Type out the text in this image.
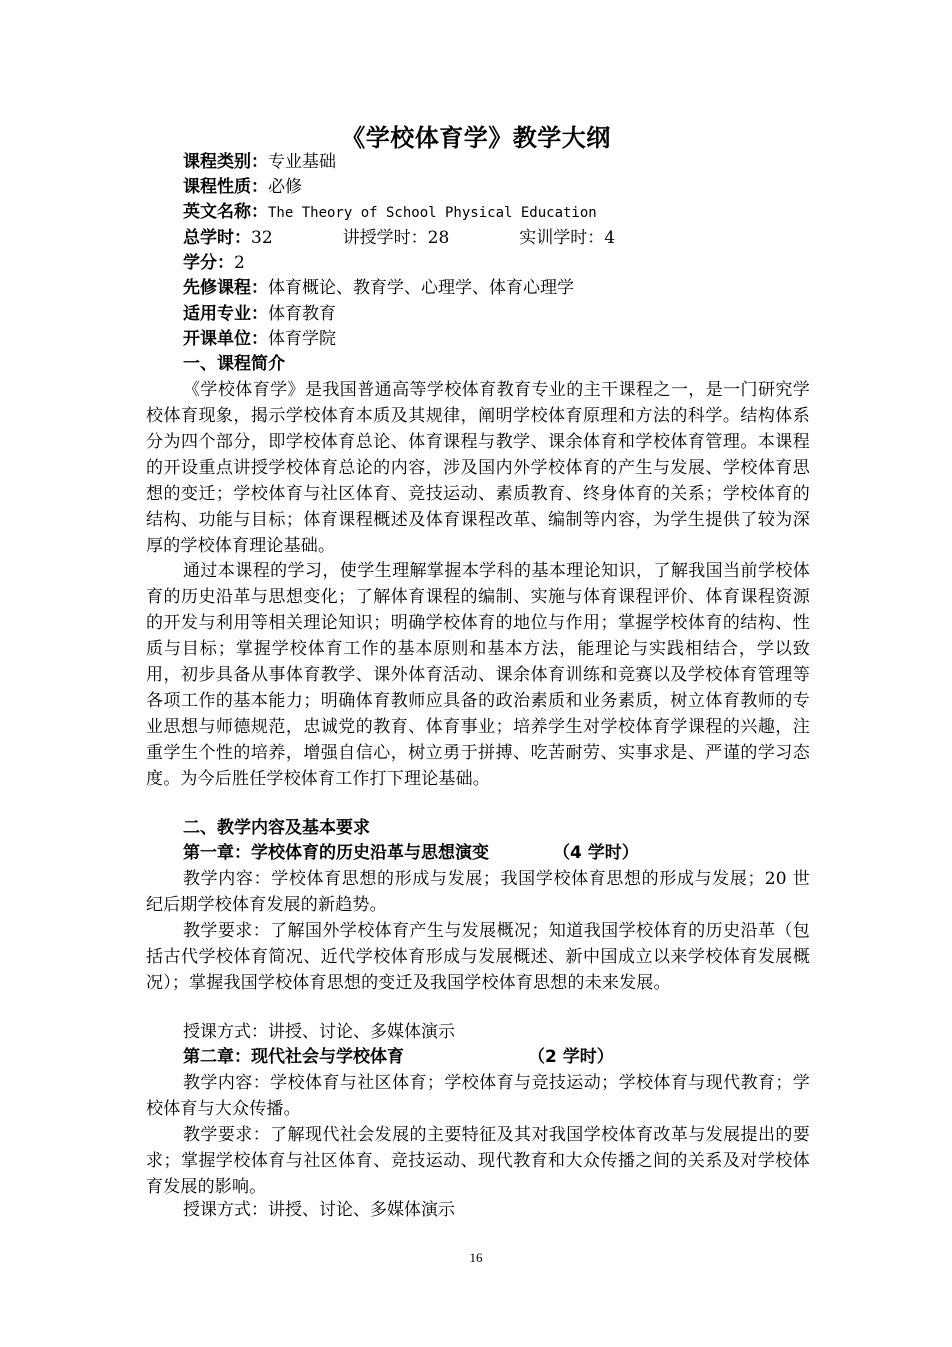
《学校体育学》教学大纲
课程类别：专业基础
课程性质：必修
英文名称：The Theory of School Physical Education
总学时：32	讲授学时：28	实训学时：4
学分：2
先修课程：体育概论、教育学、心理学、体育心理学
适用专业：体育教育
开课单位：体育学院
一、课程简介
《学校体育学》是我国普通高等学校体育教育专业的主干课程之一，是一门研究学校体育现象，揭示学校体育本质及其规律，阐明学校体育原理和方法的科学。结构体系分为四个部分，即学校体育总论、体育课程与教学、课余体育和学校体育管理。本课程的开设重点讲授学校体育总论的内容，涉及国内外学校体育的产生与发展、学校体育思想的变迁；学校体育与社区体育、竞技运动、素质教育、终身体育的关系；学校体育的结构、功能与目标；体育课程概述及体育课程改革、编制等内容，为学生提供了较为深厚的学校体育理论基础。
通过本课程的学习，使学生理解掌握本学科的基本理论知识，了解我国当前学校体育的历史沿革与思想变化；了解体育课程的编制、实施与体育课程评价、体育课程资源的开发与利用等相关理论知识；明确学校体育的地位与作用；掌握学校体育的结构、性质与目标；掌握学校体育工作的基本原则和基本方法，能理论与实践相结合，学以致用，初步具备从事体育教学、课外体育活动、课余体育训练和竞赛以及学校体育管理等各项工作的基本能力；明确体育教师应具备的政治素质和业务素质，树立体育教师的专业思想与师德规范，忠诚党的教育、体育事业；培养学生对学校体育学课程的兴趣，注重学生个性的培养，增强自信心，树立勇于拼搏、吃苦耐劳、实事求是、严谨的学习态度。为今后胜任学校体育工作打下理论基础。
二、教学内容及基本要求
第一章：学校体育的历史沿革与思想演变	（4 学时）
教学内容：学校体育思想的形成与发展；我国学校体育思想的形成与发展；20 世纪后期学校体育发展的新趋势。
教学要求：了解国外学校体育产生与发展概况；知道我国学校体育的历史沿革（包括古代学校体育简况、近代学校体育形成与发展概述、新中国成立以来学校体育发展概况）；掌握我国学校体育思想的变迁及我国学校体育思想的未来发展。
授课方式：讲授、讨论、多媒体演示
第二章：现代社会与学校体育	（2 学时）
教学内容：学校体育与社区体育；学校体育与竞技运动；学校体育与现代教育；学校体育与大众传播。
教学要求：了解现代社会发展的主要特征及其对我国学校体育改革与发展提出的要求；掌握学校体育与社区体育、竞技运动、现代教育和大众传播之间的关系及对学校体育发展的影响。
授课方式：讲授、讨论、多媒体演示
16
